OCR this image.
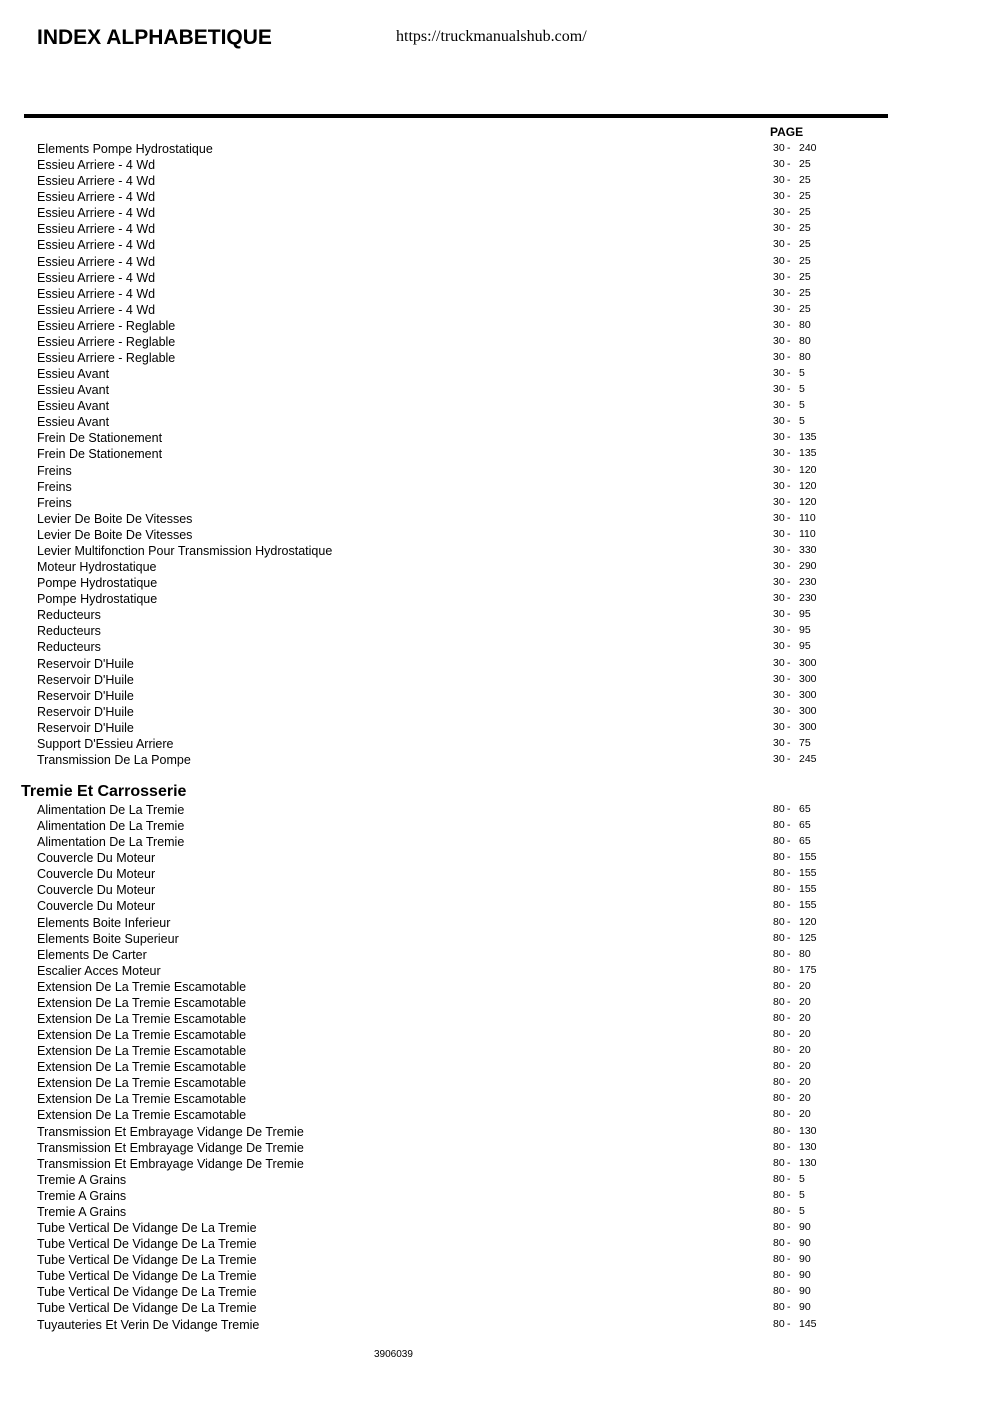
INDEX ALPHABETIQUE	https://truckmanualshub.com/
PAGE
Elements Pompe Hydrostatique	30 - 240
Essieu Arriere - 4 Wd	30 - 25
Essieu Arriere - 4 Wd	30 - 25
Essieu Arriere - 4 Wd	30 - 25
Essieu Arriere - 4 Wd	30 - 25
Essieu Arriere - 4 Wd	30 - 25
Essieu Arriere - 4 Wd	30 - 25
Essieu Arriere - 4 Wd	30 - 25
Essieu Arriere - 4 Wd	30 - 25
Essieu Arriere - 4 Wd	30 - 25
Essieu Arriere - 4 Wd	30 - 25
Essieu Arriere - Reglable	30 - 80
Essieu Arriere - Reglable	30 - 80
Essieu Arriere - Reglable	30 - 80
Essieu Avant	30 - 5
Essieu Avant	30 - 5
Essieu Avant	30 - 5
Essieu Avant	30 - 5
Frein De Stationement	30 - 135
Frein De Stationement	30 - 135
Freins	30 - 120
Freins	30 - 120
Freins	30 - 120
Levier De Boite De Vitesses	30 - 110
Levier De Boite De Vitesses	30 - 110
Levier Multifonction Pour Transmission Hydrostatique	30 - 330
Moteur Hydrostatique	30 - 290
Pompe Hydrostatique	30 - 230
Pompe Hydrostatique	30 - 230
Reducteurs	30 - 95
Reducteurs	30 - 95
Reducteurs	30 - 95
Reservoir D'Huile	30 - 300
Reservoir D'Huile	30 - 300
Reservoir D'Huile	30 - 300
Reservoir D'Huile	30 - 300
Reservoir D'Huile	30 - 300
Support D'Essieu Arriere	30 - 75
Transmission De La Pompe	30 - 245
Tremie Et Carrosserie
Alimentation De La Tremie	80 - 65
Alimentation De La Tremie	80 - 65
Alimentation De La Tremie	80 - 65
Couvercle Du Moteur	80 - 155
Couvercle Du Moteur	80 - 155
Couvercle Du Moteur	80 - 155
Couvercle Du Moteur	80 - 155
Elements Boite Inferieur	80 - 120
Elements Boite Superieur	80 - 125
Elements De Carter	80 - 80
Escalier Acces Moteur	80 - 175
Extension De La Tremie Escamotable	80 - 20
Extension De La Tremie Escamotable	80 - 20
Extension De La Tremie Escamotable	80 - 20
Extension De La Tremie Escamotable	80 - 20
Extension De La Tremie Escamotable	80 - 20
Extension De La Tremie Escamotable	80 - 20
Extension De La Tremie Escamotable	80 - 20
Extension De La Tremie Escamotable	80 - 20
Extension De La Tremie Escamotable	80 - 20
Transmission Et Embrayage Vidange De Tremie	80 - 130
Transmission Et Embrayage Vidange De Tremie	80 - 130
Transmission Et Embrayage Vidange De Tremie	80 - 130
Tremie A Grains	80 - 5
Tremie A Grains	80 - 5
Tremie A Grains	80 - 5
Tube Vertical De Vidange De La Tremie	80 - 90
Tube Vertical De Vidange De La Tremie	80 - 90
Tube Vertical De Vidange De La Tremie	80 - 90
Tube Vertical De Vidange De La Tremie	80 - 90
Tube Vertical De Vidange De La Tremie	80 - 90
Tube Vertical De Vidange De La Tremie	80 - 90
Tuyauteries Et Verin De Vidange Tremie	80 - 145
3906039
